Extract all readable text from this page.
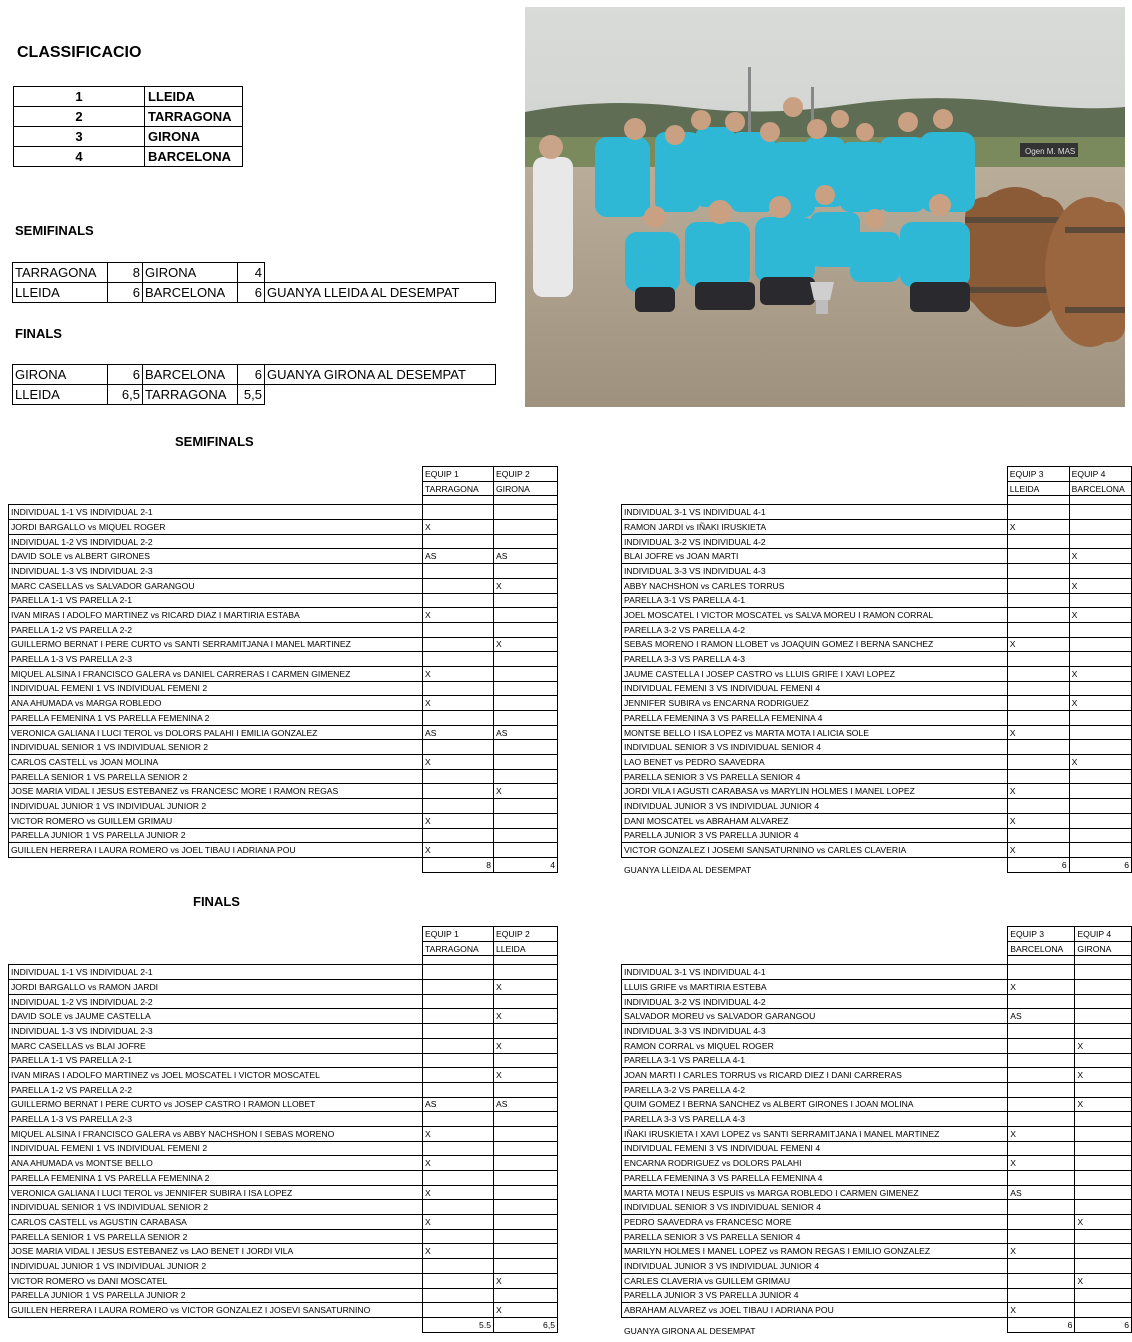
CLASSIFICACIO
1	LLEIDA
2	TARRAGONA
3	GIRONA
4	BARCELONA
SEMIFINALS
TARRAGONA	8	GIRONA	4	
LLEIDA	6	BARCELONA	6	GUANYA LLEIDA AL DESEMPAT
FINALS
GIRONA	6	BARCELONA	6	GUANYA GIRONA AL DESEMPAT
LLEIDA	6,5	TARRAGONA	5,5	
Ogen M. MAS
SEMIFINALS
	EQUIP 1	EQUIP 2
	TARRAGONA	GIRONA

INDIVIDUAL 1-1 VS INDIVIDUAL 2-1		
JORDI BARGALLO vs MIQUEL ROGER	X	
INDIVIDUAL 1-2 VS INDIVIDUAL 2-2		
DAVID SOLE vs ALBERT GIRONES	AS	AS
INDIVIDUAL 1-3 VS INDIVIDUAL 2-3		
MARC CASELLAS vs SALVADOR GARANGOU		X
PARELLA 1-1 VS PARELLA 2-1		
IVAN MIRAS I ADOLFO MARTINEZ vs RICARD DIAZ I MARTIRIA ESTABA	X	
PARELLA 1-2 VS PARELLA 2-2		
GUILLERMO BERNAT I PERE CURTO vs SANTI SERRAMITJANA I MANEL MARTINEZ		X
PARELLA 1-3 VS PARELLA 2-3		
MIQUEL ALSINA I FRANCISCO GALERA vs DANIEL CARRERAS I CARMEN GIMENEZ	X	
INDIVIDUAL FEMENI 1 VS INDIVIDUAL FEMENI 2		
ANA AHUMADA vs MARGA ROBLEDO	X	
PARELLA FEMENINA 1 VS PARELLA FEMENINA 2		
VERONICA GALIANA I LUCI TEROL vs DOLORS PALAHI I EMILIA GONZALEZ	AS	AS
INDIVIDUAL SENIOR 1 VS INDIVIDUAL SENIOR 2		
CARLOS CASTELL vs JOAN MOLINA	X	
PARELLA SENIOR 1 VS PARELLA SENIOR 2		
JOSE MARIA VIDAL I JESUS ESTEBANEZ vs FRANCESC MORE I RAMON REGAS		X
INDIVIDUAL JUNIOR 1 VS INDIVIDUAL JUNIOR 2		
VICTOR ROMERO vs GUILLEM GRIMAU	X	
PARELLA JUNIOR 1 VS PARELLA JUNIOR 2		
GUILLEN HERRERA I LAURA ROMERO vs JOEL TIBAU I ADRIANA POU	X	
	8	4
	EQUIP 3	EQUIP 4
	LLEIDA	BARCELONA

INDIVIDUAL 3-1 VS INDIVIDUAL 4-1		
RAMON JARDI vs IÑAKI IRUSKIETA	X	
INDIVIDUAL 3-2 VS INDIVIDUAL 4-2		
BLAI JOFRE vs JOAN MARTI		X
INDIVIDUAL 3-3 VS INDIVIDUAL 4-3		
ABBY NACHSHON vs CARLES TORRUS		X
PARELLA 3-1 VS PARELLA 4-1		
JOEL MOSCATEL I VICTOR MOSCATEL vs SALVA MOREU I RAMON CORRAL		X
PARELLA 3-2 VS PARELLA 4-2		
SEBAS MORENO I RAMON LLOBET vs JOAQUIN GOMEZ I BERNA SANCHEZ	X	
PARELLA 3-3 VS PARELLA 4-3		
JAUME CASTELLA I JOSEP CASTRO vs LLUIS GRIFE I XAVI LOPEZ		X
INDIVIDUAL FEMENI 3 VS INDIVIDUAL FEMENI 4		
JENNIFER SUBIRA vs ENCARNA RODRIGUEZ		X
PARELLA FEMENINA 3 VS PARELLA FEMENINA 4		
MONTSE BELLO I ISA LOPEZ vs MARTA MOTA I ALICIA SOLE	X	
INDIVIDUAL SENIOR 3 VS INDIVIDUAL SENIOR 4		
LAO BENET vs PEDRO SAAVEDRA		X
PARELLA SENIOR 3 VS PARELLA SENIOR 4		
JORDI VILA I AGUSTI CARABASA vs MARYLIN HOLMES I MANEL LOPEZ	X	
INDIVIDUAL JUNIOR 3 VS INDIVIDUAL JUNIOR 4		
DANI MOSCATEL vs ABRAHAM ALVAREZ	X	
PARELLA JUNIOR 3 VS PARELLA JUNIOR 4		
VICTOR GONZALEZ I JOSEMI SANSATURNINO vs CARLES CLAVERIA	X	
	6	6
GUANYA LLEIDA AL DESEMPAT
FINALS
	EQUIP 1	EQUIP 2
	TARRAGONA	LLEIDA

INDIVIDUAL 1-1 VS INDIVIDUAL 2-1		
JORDI BARGALLO vs RAMON JARDI		X
INDIVIDUAL 1-2 VS INDIVIDUAL 2-2		
DAVID SOLE vs JAUME CASTELLA		X
INDIVIDUAL 1-3 VS INDIVIDUAL 2-3		
MARC CASELLAS vs BLAI JOFRE		X
PARELLA 1-1 VS PARELLA 2-1		
IVAN MIRAS I ADOLFO MARTINEZ vs JOEL MOSCATEL I VICTOR MOSCATEL		X
PARELLA 1-2 VS PARELLA 2-2		
GUILLERMO BERNAT I PERE CURTO vs JOSEP CASTRO I RAMON LLOBET	AS	AS
PARELLA 1-3 VS PARELLA 2-3		
MIQUEL ALSINA I FRANCISCO GALERA vs ABBY NACHSHON I SEBAS MORENO	X	
INDIVIDUAL FEMENI 1 VS INDIVIDUAL FEMENI 2		
ANA AHUMADA vs MONTSE BELLO	X	
PARELLA FEMENINA 1 VS PARELLA FEMENINA 2		
VERONICA GALIANA I LUCI TEROL vs JENNIFER SUBIRA I ISA LOPEZ	X	
INDIVIDUAL SENIOR 1 VS INDIVIDUAL SENIOR 2		
CARLOS CASTELL vs AGUSTIN CARABASA	X	
PARELLA SENIOR 1 VS PARELLA SENIOR 2		
JOSE MARIA VIDAL I JESUS ESTEBANEZ vs LAO BENET I JORDI VILA	X	
INDIVIDUAL JUNIOR 1 VS INDIVIDUAL JUNIOR 2		
VICTOR ROMERO vs DANI MOSCATEL		X
PARELLA JUNIOR 1 VS PARELLA JUNIOR 2		
GUILLEN HERRERA I LAURA ROMERO vs VICTOR GONZALEZ I JOSEVI SANSATURNINO		X
	5.5	6,5
	EQUIP 3	EQUIP 4
	BARCELONA	GIRONA

INDIVIDUAL 3-1 VS INDIVIDUAL 4-1		
LLUIS GRIFE vs MARTIRIA ESTEBA	X	
INDIVIDUAL 3-2 VS INDIVIDUAL 4-2		
SALVADOR MOREU vs SALVADOR GARANGOU	AS	
INDIVIDUAL 3-3 VS INDIVIDUAL 4-3		
RAMON CORRAL vs MIQUEL ROGER		X
PARELLA 3-1 VS PARELLA 4-1		
JOAN MARTI I CARLES TORRUS vs RICARD DIEZ I DANI CARRERAS		X
PARELLA 3-2 VS PARELLA 4-2		
QUIM GOMEZ I BERNA SANCHEZ vs ALBERT GIRONES I JOAN MOLINA		X
PARELLA 3-3 VS PARELLA 4-3		
IÑAKI IRUSKIETA I XAVI LOPEZ vs SANTI SERRAMITJANA I MANEL MARTINEZ	X	
INDIVIDUAL FEMENI 3 VS INDIVIDUAL FEMENI 4		
ENCARNA RODRIGUEZ vs DOLORS PALAHI	X	
PARELLA FEMENINA 3 VS PARELLA FEMENINA 4		
MARTA MOTA I NEUS ESPUIS vs MARGA ROBLEDO I CARMEN GIMENEZ	AS	
INDIVIDUAL SENIOR 3 VS INDIVIDUAL SENIOR 4		
PEDRO SAAVEDRA vs FRANCESC MORE		X
PARELLA SENIOR 3 VS PARELLA SENIOR 4		
MARILYN HOLMES I MANEL LOPEZ vs RAMON REGAS I EMILIO GONZALEZ	X	
INDIVIDUAL JUNIOR 3 VS INDIVIDUAL JUNIOR 4		
CARLES CLAVERIA vs GUILLEM GRIMAU		X
PARELLA JUNIOR 3 VS PARELLA JUNIOR 4		
ABRAHAM ALVAREZ vs JOEL TIBAU I ADRIANA POU	X	
	6	6
GUANYA GIRONA AL DESEMPAT
